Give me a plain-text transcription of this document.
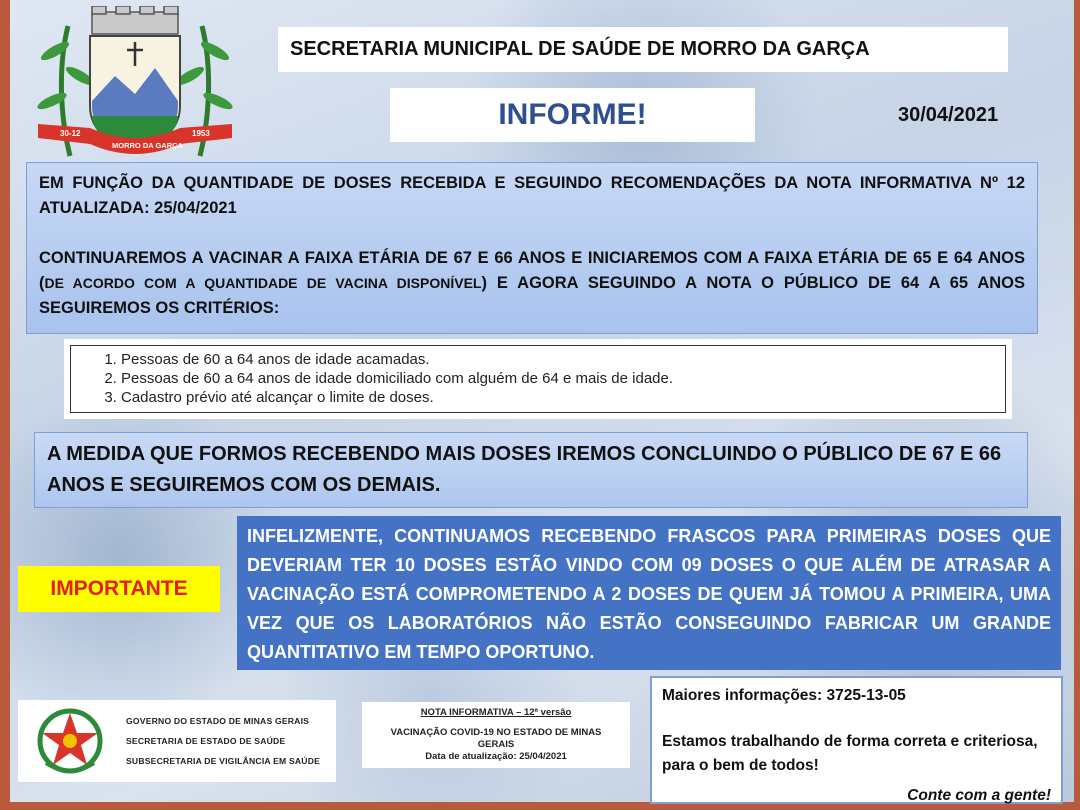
30-12
MORRO DA GARÇA
1953
SECRETARIA MUNICIPAL DE SAÚDE DE MORRO DA GARÇA
INFORME!	30/04/2021

EM FUNÇÃO DA QUANTIDADE DE DOSES RECEBIDA E SEGUINDO RECOMENDAÇÕES DA NOTA INFORMATIVA Nº 12 ATUALIZADA: 25/04/2021

CONTINUAREMOS A VACINAR A FAIXA ETÁRIA DE 67 E 66 ANOS E INICIAREMOS COM A FAIXA ETÁRIA DE 65 E 64 ANOS (DE ACORDO COM A QUANTIDADE DE VACINA DISPONÍVEL) E AGORA SEGUINDO A NOTA O PÚBLICO DE 64 A 65 ANOS SEGUIREMOS OS CRITÉRIOS:

1. Pessoas de 60 a 64 anos de idade acamadas.
2. Pessoas de 60 a 64 anos de idade domiciliado com alguém de 64 e mais de idade.
3. Cadastro prévio até alcançar o limite de doses.
A MEDIDA QUE FORMOS RECEBENDO MAIS DOSES IREMOS CONCLUINDO O PÚBLICO DE 67 E 66 ANOS E SEGUIREMOS COM OS DEMAIS.
IMPORTANTE
INFELIZMENTE, CONTINUAMOS RECEBENDO FRASCOS PARA PRIMEIRAS DOSES QUE DEVERIAM TER 10 DOSES ESTÃO VINDO COM 09 DOSES O QUE ALÉM DE ATRASAR A VACINAÇÃO ESTÁ COMPROMETENDO A 2 DOSES DE QUEM JÁ TOMOU A PRIMEIRA, UMA VEZ QUE OS LABORATÓRIOS NÃO ESTÃO CONSEGUINDO FABRICAR UM GRANDE QUANTITATIVO EM TEMPO OPORTUNO.
GOVERNO DO ESTADO DE MINAS GERAIS
SECRETARIA DE ESTADO DE SAÚDE
SUBSECRETARIA DE VIGILÂNCIA EM SAÚDE
NOTA INFORMATIVA – 12ª versão
VACINAÇÃO COVID-19 NO ESTADO DE MINAS GERAIS
Data de atualização: 25/04/2021
Maiores informações: 3725-13-05
Estamos trabalhando de forma correta e criteriosa, para o bem de todos!
Conte com a gente!
